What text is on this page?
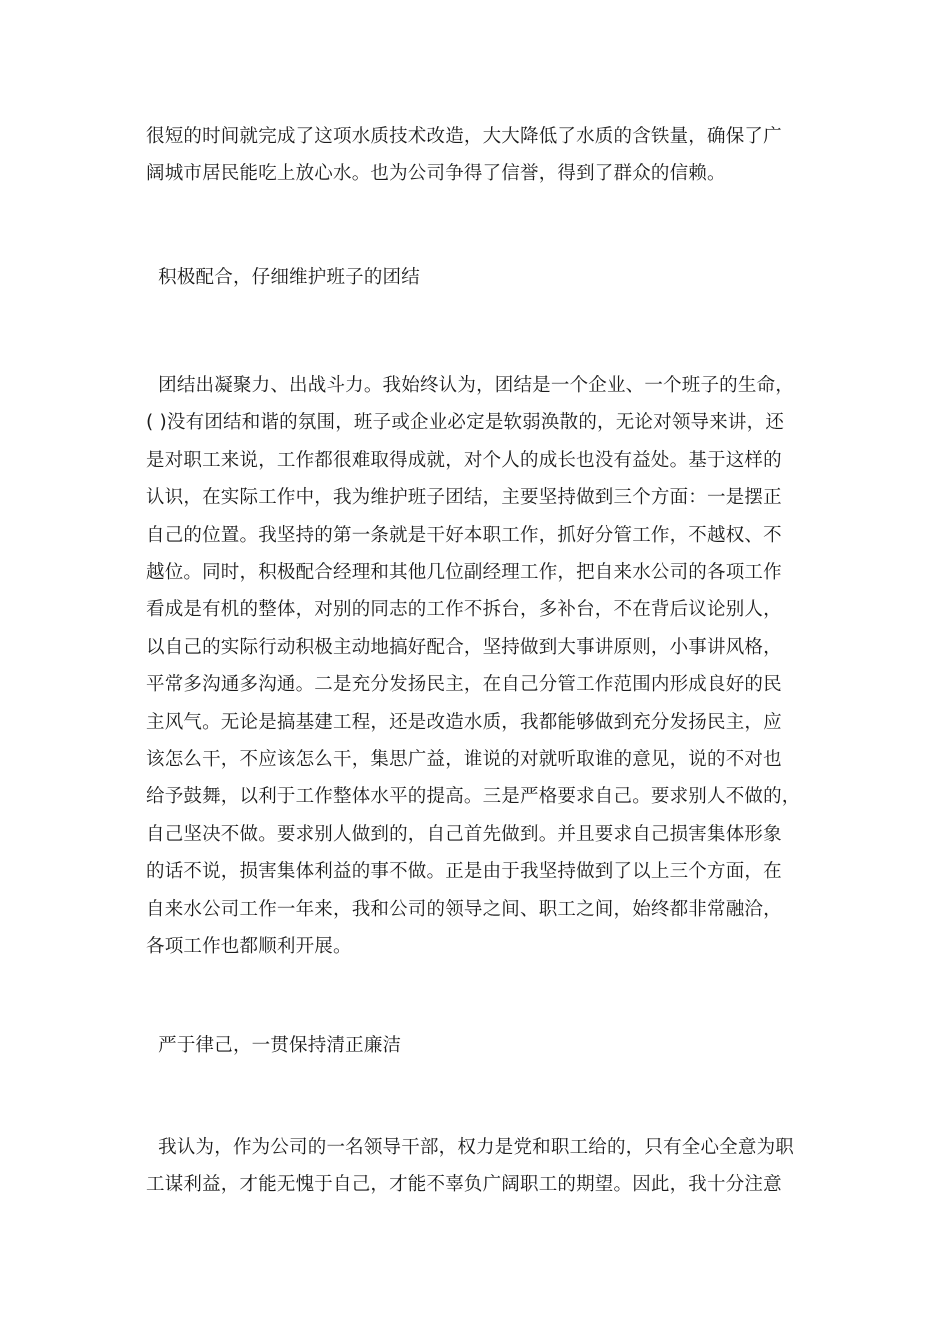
很短的时间就完成了这项水质技术改造，大大降低了水质的含铁量，确保了广
阔城市居民能吃上放心水。也为公司争得了信誉，得到了群众的信赖。
积极配合，仔细维护班子的团结
团结出凝聚力、出战斗力。我始终认为，团结是一个企业、一个班子的生命，
( )没有团结和谐的氛围，班子或企业必定是软弱涣散的，无论对领导来讲，还
是对职工来说，工作都很难取得成就，对个人的成长也没有益处。基于这样的
认识，在实际工作中，我为维护班子团结，主要坚持做到三个方面：一是摆正
自己的位置。我坚持的第一条就是干好本职工作，抓好分管工作，不越权、不
越位。同时，积极配合经理和其他几位副经理工作，把自来水公司的各项工作
看成是有机的整体，对别的同志的工作不拆台，多补台，不在背后议论别人，
以自己的实际行动积极主动地搞好配合，坚持做到大事讲原则，小事讲风格，
平常多沟通多沟通。二是充分发扬民主，在自己分管工作范围内形成良好的民
主风气。无论是搞基建工程，还是改造水质，我都能够做到充分发扬民主，应
该怎么干，不应该怎么干，集思广益，谁说的对就听取谁的意见，说的不对也
给予鼓舞，以利于工作整体水平的提高。三是严格要求自己。要求别人不做的，
自己坚决不做。要求别人做到的，自己首先做到。并且要求自己损害集体形象
的话不说，损害集体利益的事不做。正是由于我坚持做到了以上三个方面，在
自来水公司工作一年来，我和公司的领导之间、职工之间，始终都非常融洽，
各项工作也都顺利开展。
严于律己，一贯保持清正廉洁
我认为，作为公司的一名领导干部，权力是党和职工给的，只有全心全意为职
工谋利益，才能无愧于自己，才能不辜负广阔职工的期望。因此，我十分注意
